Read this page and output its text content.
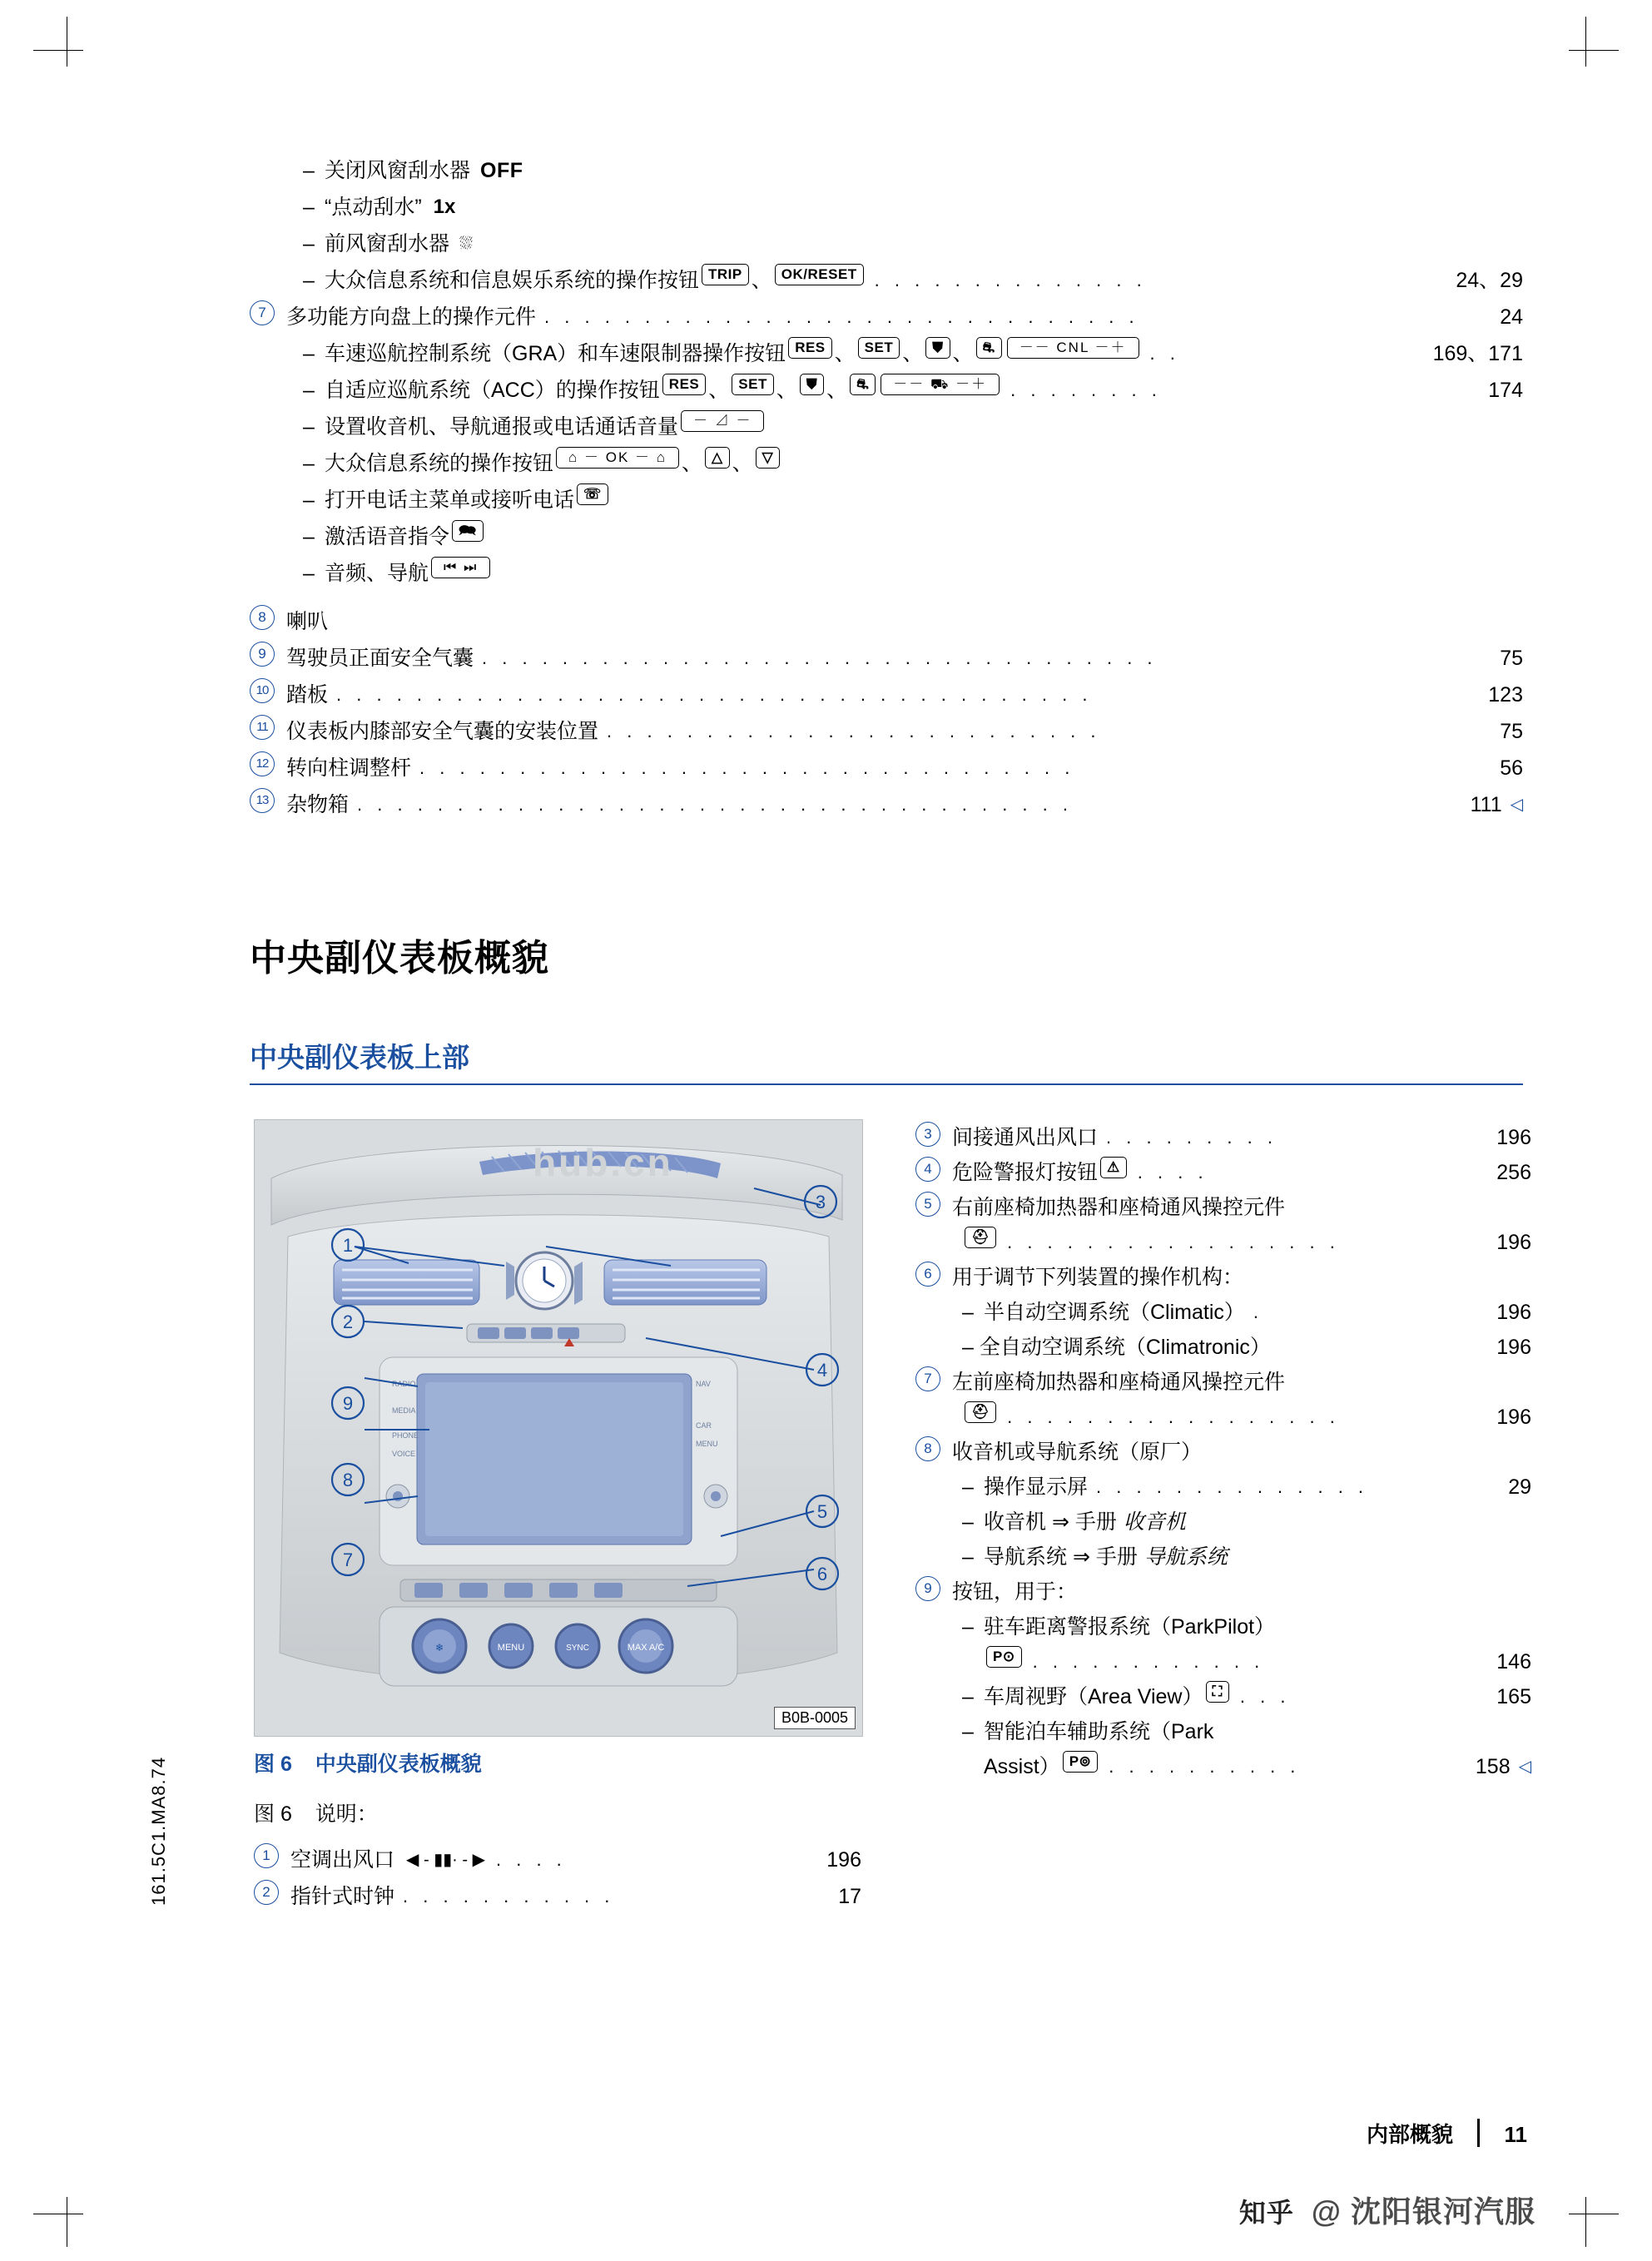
– 关闭风窗刮水器 OFF
– “点动刮水” 1x
– 前风窗刮水器 ⛆
– 大众信息系统和信息娱乐系统的操作按钮 TRIP 、 OK/RESET . . . . . . . . . . . . . .	24、29
7 多功能方向盘上的操作元件 . . . . . . . . . . . . . . . . . . . . . . . . . . . . . .	24
– 车速巡航控制系统（GRA）和车速限制器操作按钮 RES 、 SET 、 ⛊ 、 ⛐	－－ CNL －＋	. .	169、171
– 自适应巡航系统（ACC）的操作按钮 RES 、 SET 、 ⛊ 、 ⛐	－－ ⛟ －＋	. . . . . . . .	174
– 设置收音机、导航通报或电话通话音量	－ ⊿ －
– 大众信息系统的操作按钮	⌂ － OK － ⌂ 、 △ 、 ▽
– 打开电话主菜单或接听电话 ☏
– 激活语音指令 🗪
– 音频、导航	⏮ ⏭
8 喇叭
9 驾驶员正面安全气囊 . . . . . . . . . . . . . . . . . . . . . . . . . . . . . . . . . .	75
10 踏板 . . . . . . . . . . . . . . . . . . . . . . . . . . . . . . . . . . . . . .	123
11 仪表板内膝部安全气囊的安装位置 . . . . . . . . . . . . . . . . . . . . . . . . .	75
12 转向柱调整杆 . . . . . . . . . . . . . . . . . . . . . . . . . . . . . . . . .	56
13 杂物箱 . . . . . . . . . . . . . . . . . . . . . . . . . . . . . . . . . . . .	111 ◁
中央副仪表板概貌
中央副仪表板上部
RADIO
MEDIA
PHONE
VOICE
NAV
CAR
MENU
❄	MENU	SYNC	MAX A/C
3
1
2
9
8
7
4
5
6
B0B-0005
hub.cn
图 6 中央副仪表板概貌
图 6 说明：
1 空调出风口 ◀ - ▮▮· - ▶ . . . .	196
2 指针式时钟 . . . . . . . . . . .	17
3 间接通风出风口 . . . . . . . . .	196
4 危险警报灯按钮 ⚠ . . . .	256
5 右前座椅加热器和座椅通风操控元件
⛑ . . . . . . . . . . . . . . . . .	196
6 用于调节下列装置的操作机构：
– 半自动空调系统（Climatic） .	196
– 全自动空调系统（Climatronic）	196
7 左前座椅加热器和座椅通风操控元件
⛑ . . . . . . . . . . . . . . . . .	196
8 收音机或导航系统（原厂）
– 操作显示屏 . . . . . . . . . . . . . .	29
– 收音机 ⇒ 手册 收音机
– 导航系统 ⇒ 手册 导航系统
9 按钮，用于：
– 驻车距离警报系统（ParkPilot）
P⊙ . . . . . . . . . . . .	146
– 车周视野（Area View） ⛶ . . .	165
– 智能泊车辅助系统（Park
Assist） P⊚ . . . . . . . . . .	158 ◁
161.5C1.MA8.74
内部概貌 11
知乎 @ 沈阳银河汽服
